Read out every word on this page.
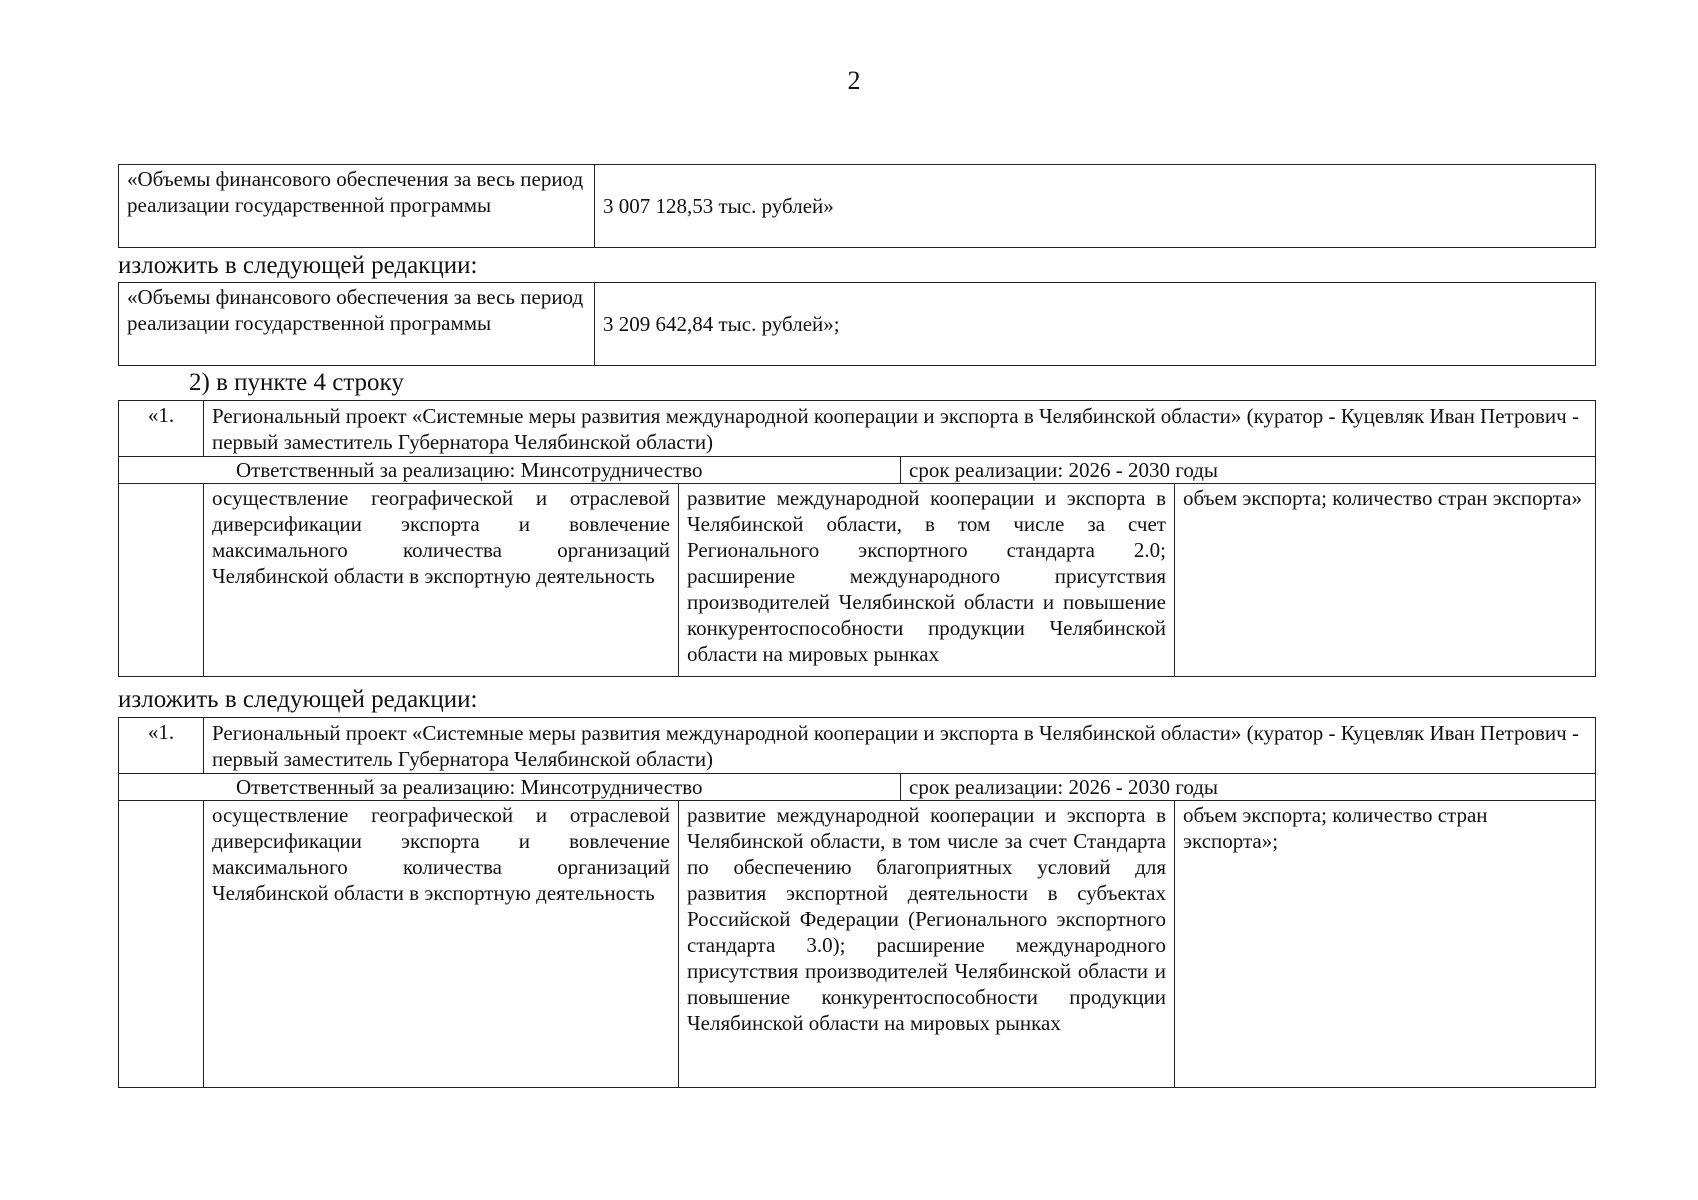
2
«Объемы финансового обеспечения за весь период реализации государственной программы	3 007 128,53 тыс. рублей»
изложить в следующей редакции:
«Объемы финансового обеспечения за весь период реализации государственной программы	3 209 642,84 тыс. рублей»;
2) в пункте 4 строку
«1.	Региональный проект «Системные меры развития международной кооперации и экспорта в Челябинской области» (куратор - Куцевляк Иван Петрович - первый заместитель Губернатора Челябинской области)			
Ответственный за реализацию: Минсотрудничество			срок реализации: 2026 - 2030 годы	
	осуществление географической и отраслевой диверсификации экспорта и вовлечение максимального количества организаций Челябинской области в экспортную деятельность	развитие международной кооперации и экспорта в Челябинской области, в том числе за счет Регионального экспортного стандарта 2.0; расширение международного присутствия производителей Челябинской области и повышение конкурентоспособности продукции Челябинской области на мировых рынках		объем экспорта; количество стран экспорта»
изложить в следующей редакции:
«1.	Региональный проект «Системные меры развития международной кооперации и экспорта в Челябинской области» (куратор - Куцевляк Иван Петрович - первый заместитель Губернатора Челябинской области)			
Ответственный за реализацию: Минсотрудничество			срок реализации: 2026 - 2030 годы	
	осуществление географической и отраслевой диверсификации экспорта и вовлечение максимального количества организаций Челябинской области в экспортную деятельность	развитие международной кооперации и экспорта в Челябинской области, в том числе за счет Стандарта по обеспечению благоприятных условий для развития экспортной деятельности в субъектах Российской Федерации (Регионального экспортного стандарта 3.0); расширение международного присутствия производителей Челябинской области и повышение конкурентоспособности продукции Челябинской области на мировых рынках		объем экспорта; количество стран экспорта»;
